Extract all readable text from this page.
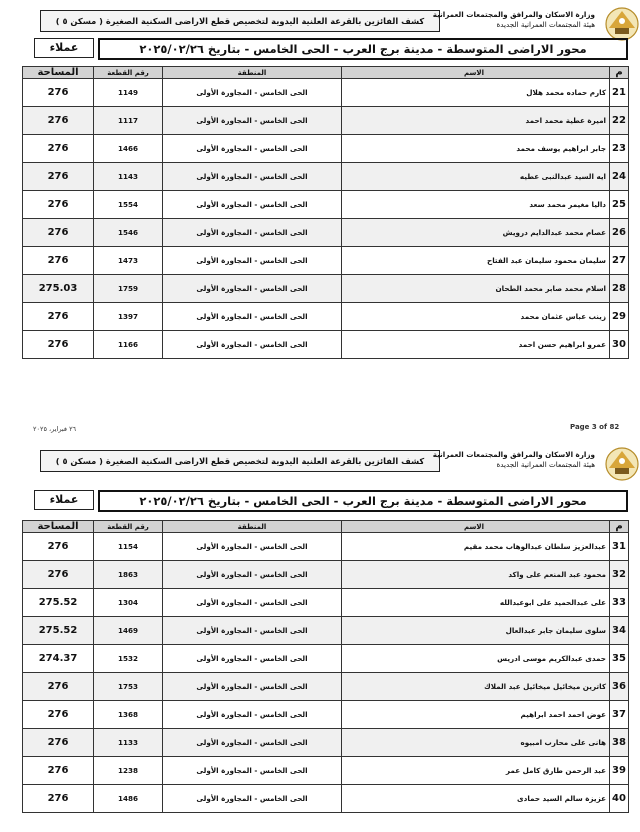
كشف الفائزين بالقرعة العلنية اليدوية لتخصيص قطع الاراضى السكنية الصغيرة ( مسكن ٥ )
وزارة الاسكان والمرافق والمجتمعات العمرانية
هيئة المجتمعات العمرانية الجديدة
عملاء	محور الاراضى المتوسطة - مدينة برج العرب - الحى الخامس - بتاريخ ٢٠٢٥/٠٢/٢٦
م	الاسم	المنطقة	رقم القطعة	المساحة
21	كارم حماده محمد هلال	الحى الخامس - المجاورة الأولى	1149	276
22	اميرة عطية محمد احمد	الحى الخامس - المجاورة الأولى	1117	276
23	جابر ابراهيم يوسف محمد	الحى الخامس - المجاورة الأولى	1466	276
24	ايه السيد عبدالنبى عطيه	الحى الخامس - المجاورة الأولى	1143	276
25	داليا مغيمر محمد سعد	الحى الخامس - المجاورة الأولى	1554	276
26	عصام محمد عبدالدايم درويش	الحى الخامس - المجاورة الأولى	1546	276
27	سليمان محمود سليمان عبد الفتاح	الحى الخامس - المجاورة الأولى	1473	276
28	اسلام محمد صابر محمد الطحان	الحى الخامس - المجاورة الأولى	1759	275.03
29	زينب عباس عثمان محمد	الحى الخامس - المجاورة الأولى	1397	276
30	عمرو ابراهيم حسن احمد	الحى الخامس - المجاورة الأولى	1166	276
٢٦ فبراير، ٢٠٢٥	Page 3 of 82
كشف الفائزين بالقرعة العلنية اليدوية لتخصيص قطع الاراضى السكنية الصغيرة ( مسكن ٥ )
وزارة الاسكان والمرافق والمجتمعات العمرانية
هيئة المجتمعات العمرانية الجديدة
عملاء	محور الاراضى المتوسطة - مدينة برج العرب - الحى الخامس - بتاريخ ٢٠٢٥/٠٢/٢٦
م	الاسم	المنطقة	رقم القطعة	المساحة
31	عبدالعزيز سلطان عبدالوهاب محمد مقيم	الحى الخامس - المجاورة الأولى	1154	276
32	محمود عبد المنعم على واكد	الحى الخامس - المجاورة الأولى	1863	276
33	على عبدالحميد على ابوعبدالله	الحى الخامس - المجاورة الأولى	1304	275.52
34	سلوى سليمان جابر عبدالعال	الحى الخامس - المجاورة الأولى	1469	275.52
35	حمدى عبدالكريم موسى ادريس	الحى الخامس - المجاورة الأولى	1532	274.37
36	كاترين ميخائيل ميخائيل عبد الملاك	الحى الخامس - المجاورة الأولى	1753	276
37	عوض احمد احمد ابراهيم	الحى الخامس - المجاورة الأولى	1368	276
38	هانى على محارب امبيوه	الحى الخامس - المجاورة الأولى	1133	276
39	عبد الرحمن طارق كامل عمر	الحى الخامس - المجاورة الأولى	1238	276
40	عزيزة سالم السيد حمادى	الحى الخامس - المجاورة الأولى	1486	276
